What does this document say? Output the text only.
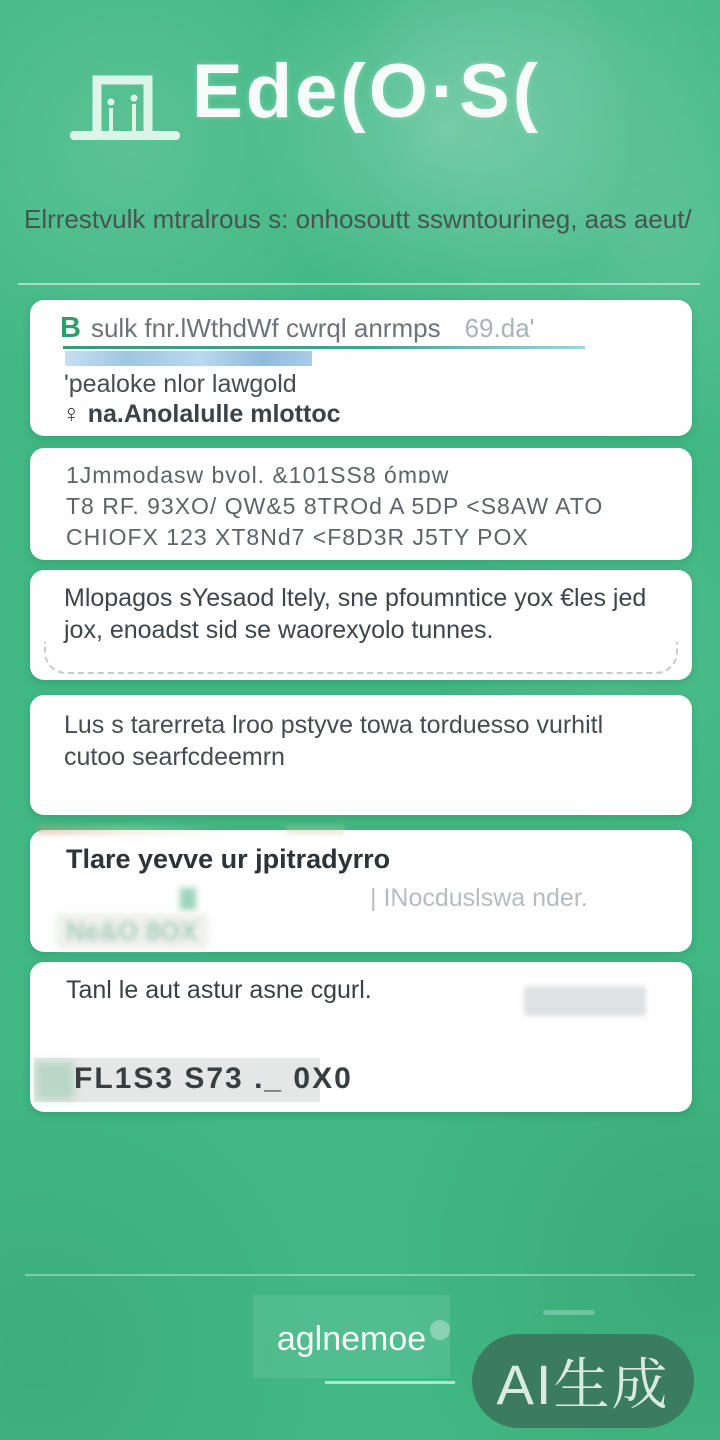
Ede(O·S(
Elrrestvulk mtralrous s: onhosoutt sswntourineg, aas aeut/
B sulk fnr.lWthdWf cwrql anrmps 69.da'
'pealoke nlor lawgold
♀ na.Anolalulle mlottoc
1Jmmodasw bvol. &101SS8 ómɒw
T8 RF. 93XO/ QW&5 8TROd A 5DP <S8AW ATO
CHIOFX 123 XT8Nd7 <F8D3R J5TY POX
Mlopagos sYesaod ltely, sne pfoumntice yox €les jed
jox, enoadst sid se waorexyolo tunnes.
Lus s tarerreta lroo pstyve towa torduesso vurhitl
cutoo searfcdeemrn
Tlare yevve ur jpitradyrro
| INocduslswa nder.
Ne&O 8OX
Tanl le aut astur asne cgurl.
FL1S3 S73 ._ 0X0
aglnemoe
AI生成
